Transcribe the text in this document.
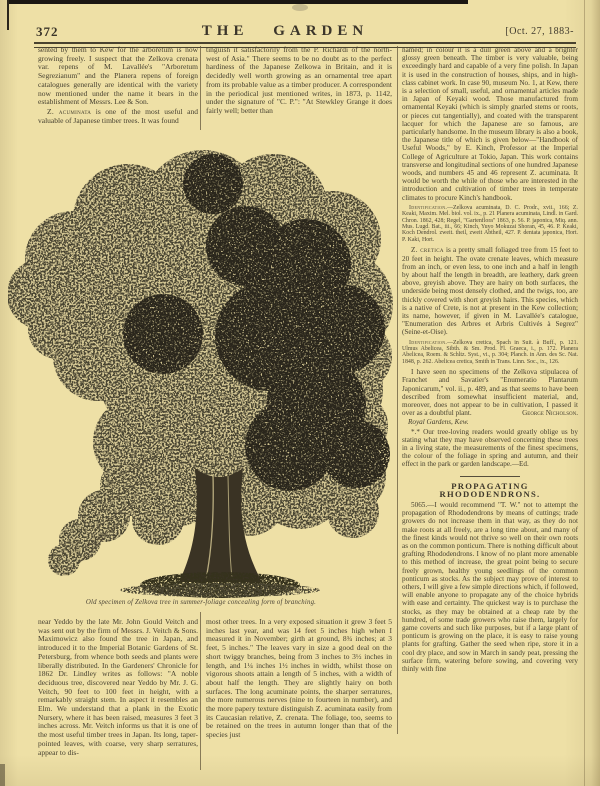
372	THE GARDEN	[Oct. 27, 1883-

sented by them to Kew for the arboretum is now growing freely. I suspect that the Zelkova crenata var. repens of M. Lavallée's "Arboretum Segrezianum" and the Planera repens of foreign catalogues generally are identical with the variety now mentioned under the name it bears in the establishment of Messrs. Lee & Son.

Z. acuminata is one of the most useful and valuable of Japanese timber trees. It was found

tinguish it satisfactorily from the P. Richardi of the north-west of Asia." There seems to be no doubt as to the perfect hardiness of the Japanese Zelkowa in Britain, and it is decidedly well worth growing as an ornamental tree apart from its probable value as a timber producer. A correspondent in the periodical just mentioned writes, in 1873, p. 1142, under the signature of "C. P.": "At Stewkley Grange it does fairly well; better than

Old specimen of Zelkova tree in summer-foliage concealing form of branching.

near Yeddo by the late Mr. John Gould Veitch and was sent out by the firm of Messrs. J. Veitch & Sons. Maximowicz also found the tree in Japan, and introduced it to the Imperial Botanic Gardens of St. Petersburg, from whence both seeds and plants were liberally distributed. In the Gardeners' Chronicle for 1862 Dr. Lindley writes as follows: "A noble deciduous tree, discovered near Yeddo by Mr. J. G. Veitch, 90 feet to 100 feet in height, with a remarkably straight stem. In aspect it resembles an Elm. We understand that a plank in the Exotic Nursery, where it has been raised, measures 3 feet 3 inches across. Mr. Veitch informs us that it is one of the most useful timber trees in Japan. Its long, taper-pointed leaves, with coarse, very sharp serratures, appear to dis-

most other trees. In a very exposed situation it grew 3 feet 5 inches last year, and was 14 feet 5 inches high when I measured it in November; girth at ground, 8¾ inches; at 3 feet, 5 inches." The leaves vary in size a good deal on the short twiggy branches, being from 3 inches to 3½ inches in length, and 1¼ inches 1½ inches in width, whilst those on vigorous shoots attain a length of 5 inches, with a width of about half the length. They are slightly hairy on both surfaces. The long acuminate points, the sharper serratures, the more numerous nerves (nine to fourteen in number), and the more papery texture distinguish Z. acuminata easily from its Caucasian relative, Z. crenata. The foliage, too, seems to be retained on the trees in autumn longer than that of the species just

named; in colour it is a dull green above and a brighter glossy green beneath. The timber is very valuable, being exceedingly hard and capable of a very fine polish. In Japan it is used in the construction of houses, ships, and in high-class cabinet work. In case 90, museum No. 1, at Kew, there is a selection of small, useful, and ornamental articles made in Japan of Keyaki wood. Those manufactured from ornamental Keyaki (which is simply gnarled stems or roots, or pieces cut tangentially), and coated with the transparent lacquer for which the Japanese are so famous, are particularly handsome. In the museum library is also a book, the Japanese title of which is given below—"Handbook of Useful Woods," by E. Kinch, Professor at the Imperial College of Agriculture at Tokio, Japan. This work contains transverse and longitudinal sections of one hundred Japanese woods, and numbers 45 and 46 represent Z. acuminata. It would be worth the while of those who are interested in the introduction and cultivation of timber trees in temperate climates to procure Kinch's handbook.

Identification.—Zelkova acuminata, D. C. Prodr., xvii., 166; Z. Keaki, Maxim. Mel. biol. vol. ix., p. 21 Planera acuminata, Lindl. in Gard. Chron. 1862, 428; Regel, "Gartenflora" 1863, p. 56. P. japonica, Miq. ann. Mus. Lugd. Bat., iii., 66; Kinch, Yuyo Mokuzai Shoran, 45, 46. P. Keaki, Koch Dendrol. zweit. theil, zweit Abtheil, 427. P. dentata japonica, Hort. P. Kaki, Hort.

Z. cretica is a pretty small foliaged tree from 15 feet to 20 feet in height. The ovate crenate leaves, which measure from an inch, or even less, to one inch and a half in length by about half the length in breadth, are leathery, dark green above, greyish above. They are hairy on both surfaces, the underside being most densely clothed, and the twigs, too, are thickly covered with short greyish hairs. This species, which is a native of Crete, is not at present in the Kew collection; its name, however, if given in M. Lavallée's catalogue, "Enumeration des Arbres et Arbris Cultivés à Segrez" (Seine-et-Oise).

Identification.—Zelkova cretica, Spach in Suit. à Buff., p. 121. Ulmus Abelicea, Sibth. & Sm. Prod. Fl. Graeca, i., p. 172. Planera Abelicea, Roem. & Schltz. Syst., vi., p. 304; Planch. in Ann. des Sc. Nat. 1848, p. 262. Abelicea cretica, Smith in Trans. Linn. Soc., ix., 126.

I have seen no specimens of the Zelkova stipulacea of Franchet and Savatier's "Enumeratio Plantarum Japonicarum," vol. ii., p. 489, and as that seems to have been described from somewhat insufficient material, and, moreover, does not appear to be in cultivation, I passed it over as a doubtful plant.	George Nicholson.

Royal Gardens, Kew.

*.* Our tree-loving readers would greatly oblige us by stating what they may have observed concerning these trees in a living state, the measurements of the finest specimens, the colour of the foliage in spring and autumn, and their effect in the park or garden landscape.—Ed.

PROPAGATING RHODODENDRONS.

5065.—I would recommend "T. W." not to attempt the propagation of Rhododendrons by means of cuttings; trade growers do not increase them in that way, as they do not make roots at all freely, are a long time about, and many of the finest kinds would not thrive so well on their own roots as on the common ponticum. There is nothing difficult about grafting Rhododendrons. I know of no plant more amenable to this method of increase, the great point being to secure freely grown, healthy young seedlings of the common ponticum as stocks. As the subject may prove of interest to others, I will give a few simple directions which, if followed, will enable anyone to propagate any of the choice hybrids with ease and certainty. The quickest way is to purchase the stocks, as they may be obtained at a cheap rate by the hundred, of some trade growers who raise them, largely for game coverts and such like purposes, but if a large plant of ponticum is growing on the place, it is easy to raise young plants for grafting. Gather the seed when ripe, store it in a cool dry place, and sow in March in sandy peat, pressing the surface firm, watering before sowing, and covering very thinly with fine
